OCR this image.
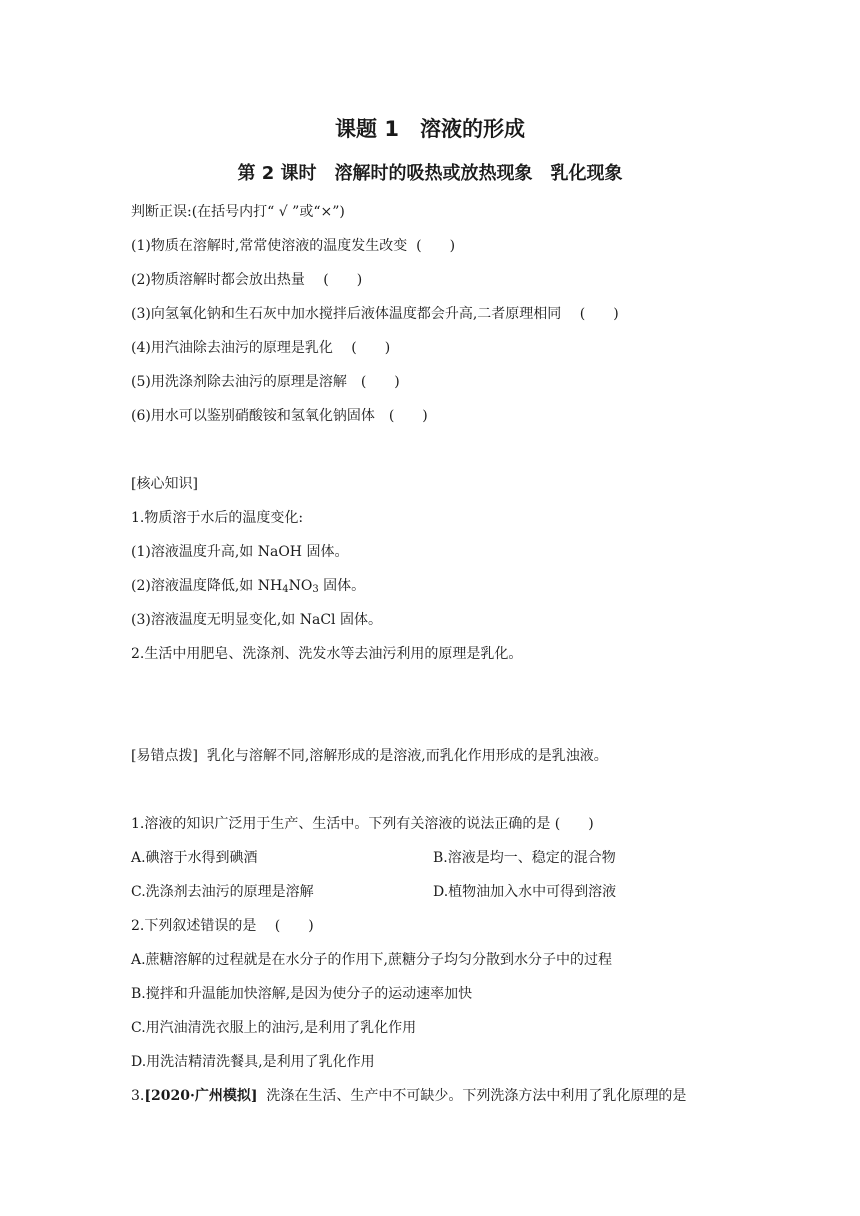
课题 1　溶液的形成
第 2 课时　溶解时的吸热或放热现象　乳化现象
判断正误:(在括号内打“ √ ”或“×”)
(1)物质在溶解时,常常使溶液的温度发生改变  (　　)
(2)物质溶解时都会放出热量　 (　　)
(3)向氢氧化钠和生石灰中加水搅拌后液体温度都会升高,二者原理相同　 (　　)
(4)用汽油除去油污的原理是乳化　 (　　)
(5)用洗涤剂除去油污的原理是溶解　(　　)
(6)用水可以鉴别硝酸铵和氢氧化钠固体　(　　)
[核心知识]
1.物质溶于水后的温度变化:
(1)溶液温度升高,如 NaOH 固体。
(2)溶液温度降低,如 $NH_4NO_3$ 固体。
(3)溶液温度无明显变化,如 NaCl 固体。
2.生活中用肥皂、洗涤剂、洗发水等去油污利用的原理是乳化。
[易错点拨]  乳化与溶解不同,溶解形成的是溶液,而乳化作用形成的是乳浊液。
1.溶液的知识广泛用于生产、生活中。下列有关溶液的说法正确的是 (　　)
A.碘溶于水得到碘酒	B.溶液是均一、稳定的混合物
C.洗涤剂去油污的原理是溶解	D.植物油加入水中可得到溶液
2.下列叙述错误的是　 (　　)
A.蔗糖溶解的过程就是在水分子的作用下,蔗糖分子均匀分散到水分子中的过程
B.搅拌和升温能加快溶解,是因为使分子的运动速率加快
C.用汽油清洗衣服上的油污,是利用了乳化作用
D.用洗洁精清洗餐具,是利用了乳化作用
3.[2020·广州模拟]  洗涤在生活、生产中不可缺少。下列洗涤方法中利用了乳化原理的是
